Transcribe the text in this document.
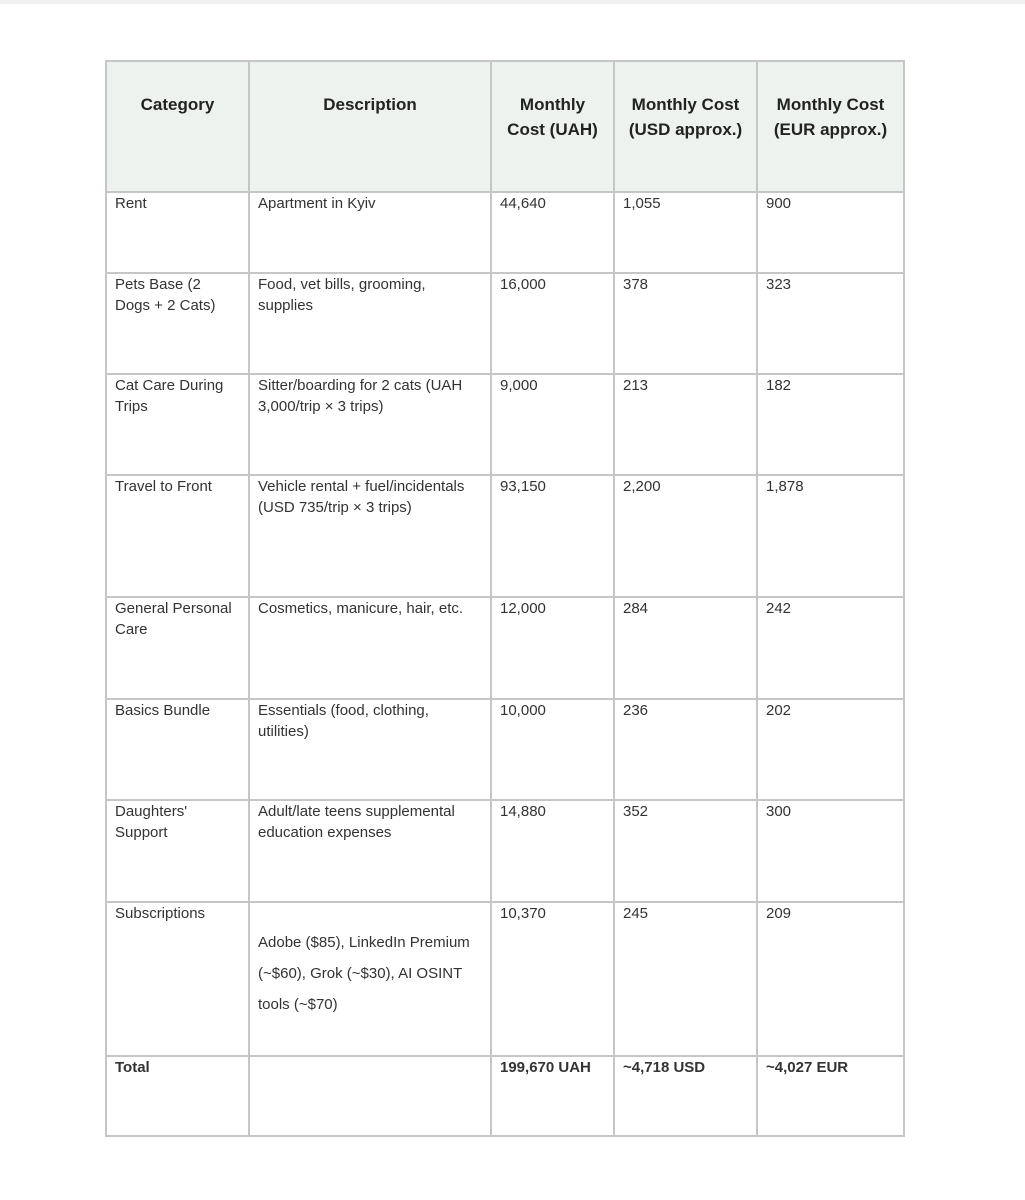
Category	Description	Monthly Cost (UAH)	Monthly Cost (USD approx.)	Monthly Cost (EUR approx.)
Rent	Apartment in Kyiv	44,640	1,055	900
Pets Base (2 Dogs + 2 Cats)	Food, vet bills, grooming, supplies	16,000	378	323
Cat Care During Trips	Sitter/boarding for 2 cats (UAH 3,000/trip × 3 trips)	9,000	213	182
Travel to Front	Vehicle rental + fuel/incidentals (USD 735/trip × 3 trips)	93,150	2,200	1,878
General Personal Care	Cosmetics, manicure, hair, etc.	12,000	284	242
Basics Bundle	Essentials (food, clothing, utilities)	10,000	236	202
Daughters' Support	Adult/late teens supplemental education expenses	14,880	352	300
Subscriptions	Adobe ($85), LinkedIn Premium (~$60), Grok (~$30), AI OSINT tools (~$70)	10,370	245	209
Total		199,670 UAH	~4,718 USD	~4,027 EUR
